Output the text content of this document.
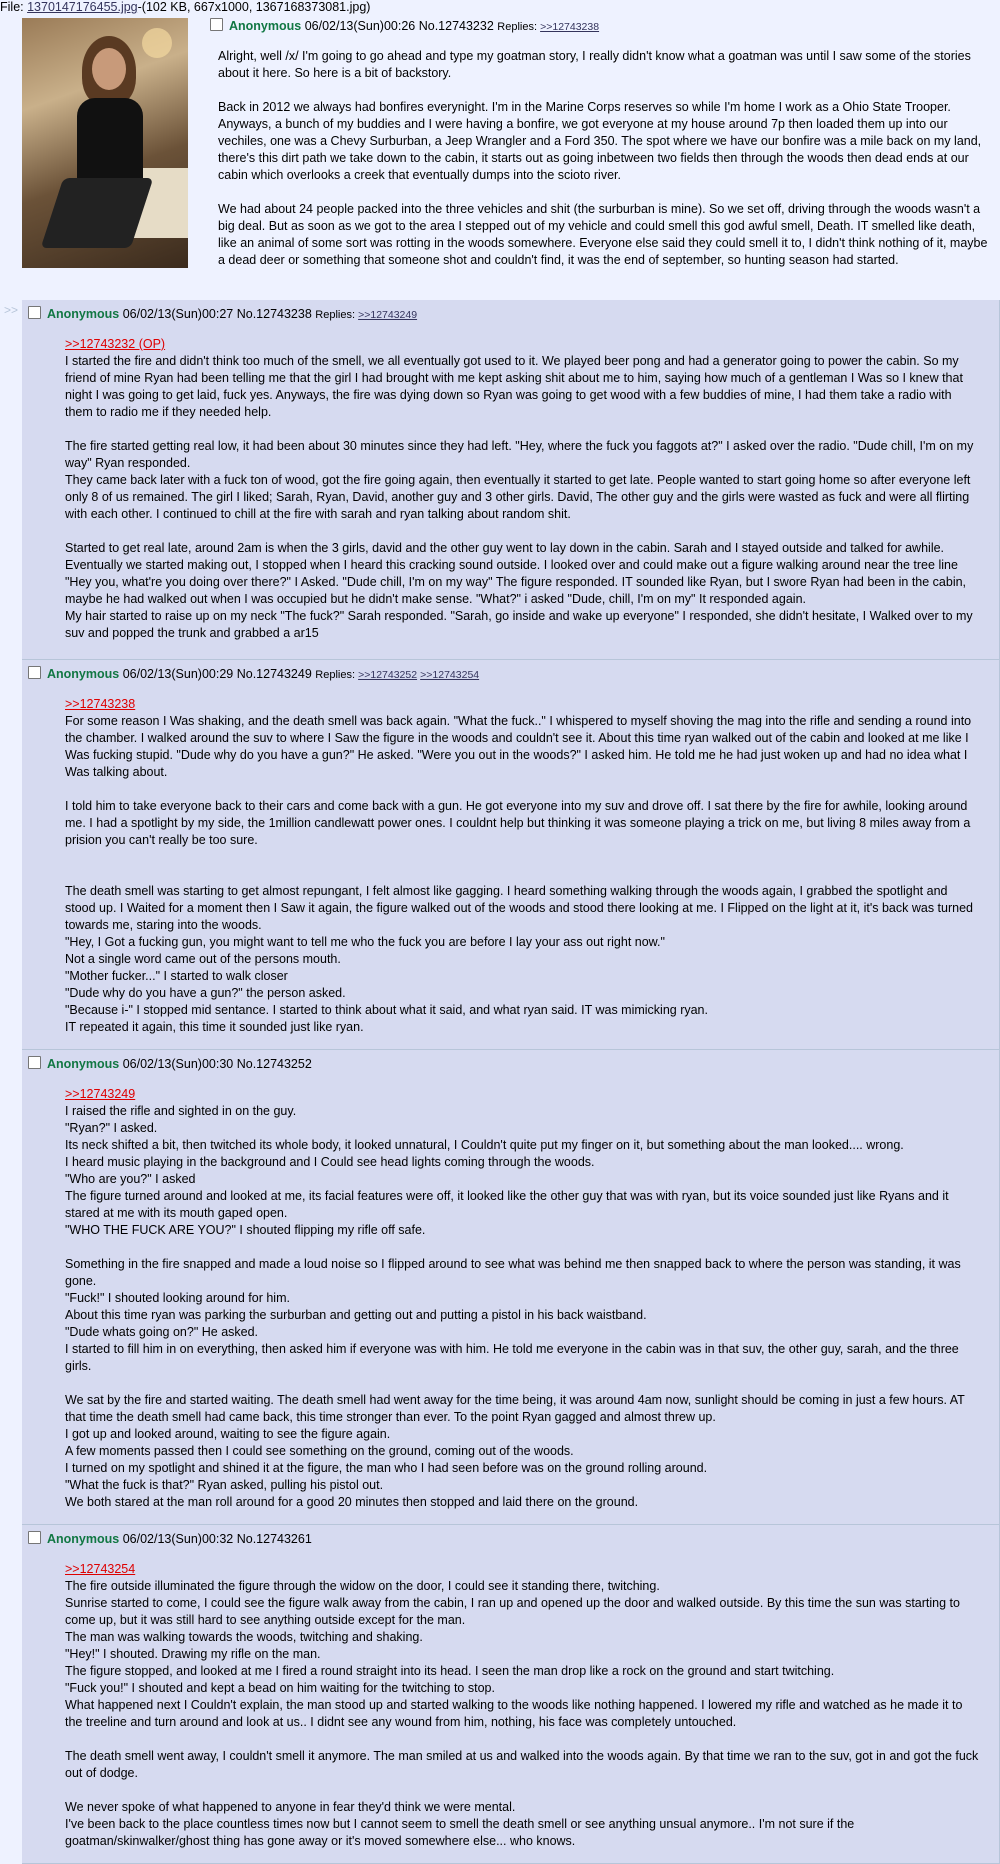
File: 1370147176455.jpg-(102 KB, 667x1000, 1367168373081.jpg)
Anonymous 06/02/13(Sun)00:26 No.12743232 Replies: >>12743238

Alright, well /x/ I'm going to go ahead and type my goatman story, I really didn't know what a goatman was until I saw some of the stories about it here. So here is a bit of backstory.

Back in 2012 we always had bonfires everynight. I'm in the Marine Corps reserves so while I'm home I work as a Ohio State Trooper. Anyways, a bunch of my buddies and I were having a bonfire, we got everyone at my house around 7p then loaded them up into our vechiles, one was a Chevy Surburban, a Jeep Wrangler and a Ford 350. The spot where we have our bonfire was a mile back on my land, there's this dirt path we take down to the cabin, it starts out as going inbetween two fields then through the woods then dead ends at our cabin which overlooks a creek that eventually dumps into the scioto river.

We had about 24 people packed into the three vehicles and shit (the surburban is mine). So we set off, driving through the woods wasn't a big deal. But as soon as we got to the area I stepped out of my vehicle and could smell this god awful smell, Death. IT smelled like death, like an animal of some sort was rotting in the woods somewhere. Everyone else said they could smell it to, I didn't think nothing of it, maybe a dead deer or something that someone shot and couldn't find, it was the end of september, so hunting season had started.

>>	Anonymous 06/02/13(Sun)00:27 No.12743238 Replies: >>12743249

>>12743232 (OP)

I started the fire and didn't think too much of the smell, we all eventually got used to it. We played beer pong and had a generator going to power the cabin. So my friend of mine Ryan had been telling me that the girl I had brought with me kept asking shit about me to him, saying how much of a gentleman I Was so I knew that night I was going to get laid, fuck yes. Anyways, the fire was dying down so Ryan was going to get wood with a few buddies of mine, I had them take a radio with them to radio me if they needed help.

The fire started getting real low, it had been about 30 minutes since they had left. "Hey, where the fuck you faggots at?" I asked over the radio. "Dude chill, I'm on my way" Ryan responded.

They came back later with a fuck ton of wood, got the fire going again, then eventually it started to get late. People wanted to start going home so after everyone left only 8 of us remained. The girl I liked; Sarah, Ryan, David, another guy and 3 other girls. David, The other guy and the girls were wasted as fuck and were all flirting with each other. I continued to chill at the fire with sarah and ryan talking about random shit.

Started to get real late, around 2am is when the 3 girls, david and the other guy went to lay down in the cabin. Sarah and I stayed outside and talked for awhile. Eventually we started making out, I stopped when I heard this cracking sound outside. I looked over and could make out a figure walking around near the tree line "Hey you, what're you doing over there?" I Asked. "Dude chill, I'm on my way" The figure responded. IT sounded like Ryan, but I swore Ryan had been in the cabin, maybe he had walked out when I was occupied but he didn't make sense. "What?" i asked "Dude, chill, I'm on my" It responded again.

My hair started to raise up on my neck "The fuck?" Sarah responded. "Sarah, go inside and wake up everyone" I responded, she didn't hesitate, I Walked over to my suv and popped the trunk and grabbed a ar15

Anonymous 06/02/13(Sun)00:29 No.12743249 Replies: >>12743252 >>12743254

>>12743238

For some reason I Was shaking, and the death smell was back again. "What the fuck.." I whispered to myself shoving the mag into the rifle and sending a round into the chamber. I walked around the suv to where I Saw the figure in the woods and couldn't see it. About this time ryan walked out of the cabin and looked at me like I Was fucking stupid. "Dude why do you have a gun?" He asked. "Were you out in the woods?" I asked him. He told me he had just woken up and had no idea what I Was talking about.

I told him to take everyone back to their cars and come back with a gun. He got everyone into my suv and drove off. I sat there by the fire for awhile, looking around me. I had a spotlight by my side, the 1million candlewatt power ones. I couldnt help but thinking it was someone playing a trick on me, but living 8 miles away from a prision you can't really be too sure.

The death smell was starting to get almost repungant, I felt almost like gagging. I heard something walking through the woods again, I grabbed the spotlight and stood up. I Waited for a moment then I Saw it again, the figure walked out of the woods and stood there looking at me. I Flipped on the light at it, it's back was turned towards me, staring into the woods.

"Hey, I Got a fucking gun, you might want to tell me who the fuck you are before I lay your ass out right now."

Not a single word came out of the persons mouth.

"Mother fucker..." I started to walk closer

"Dude why do you have a gun?" the person asked.

"Because i-" I stopped mid sentance. I started to think about what it said, and what ryan said. IT was mimicking ryan.

IT repeated it again, this time it sounded just like ryan.

Anonymous 06/02/13(Sun)00:30 No.12743252

>>12743249

I raised the rifle and sighted in on the guy.

"Ryan?" I asked.

Its neck shifted a bit, then twitched its whole body, it looked unnatural, I Couldn't quite put my finger on it, but something about the man looked.... wrong.

I heard music playing in the background and I Could see head lights coming through the woods.

"Who are you?" I asked

The figure turned around and looked at me, its facial features were off, it looked like the other guy that was with ryan, but its voice sounded just like Ryans and it stared at me with its mouth gaped open.

"WHO THE FUCK ARE YOU?" I shouted flipping my rifle off safe.

Something in the fire snapped and made a loud noise so I flipped around to see what was behind me then snapped back to where the person was standing, it was gone.

"Fuck!" I shouted looking around for him.

About this time ryan was parking the surburban and getting out and putting a pistol in his back waistband.

"Dude whats going on?" He asked.

I started to fill him in on everything, then asked him if everyone was with him. He told me everyone in the cabin was in that suv, the other guy, sarah, and the three girls.

We sat by the fire and started waiting. The death smell had went away for the time being, it was around 4am now, sunlight should be coming in just a few hours. AT that time the death smell had came back, this time stronger than ever. To the point Ryan gagged and almost threw up.

I got up and looked around, waiting to see the figure again.

A few moments passed then I could see something on the ground, coming out of the woods.

I turned on my spotlight and shined it at the figure, the man who I had seen before was on the ground rolling around.

"What the fuck is that?" Ryan asked, pulling his pistol out.

We both stared at the man roll around for a good 20 minutes then stopped and laid there on the ground.

Anonymous 06/02/13(Sun)00:32 No.12743261

>>12743254

The fire outside illuminated the figure through the widow on the door, I could see it standing there, twitching.

Sunrise started to come, I could see the figure walk away from the cabin, I ran up and opened up the door and walked outside. By this time the sun was starting to come up, but it was still hard to see anything outside except for the man.

The man was walking towards the woods, twitching and shaking.

"Hey!" I shouted. Drawing my rifle on the man.

The figure stopped, and looked at me I fired a round straight into its head. I seen the man drop like a rock on the ground and start twitching.

"Fuck you!" I shouted and kept a bead on him waiting for the twitching to stop.

What happened next I Couldn't explain, the man stood up and started walking to the woods like nothing happened. I lowered my rifle and watched as he made it to the treeline and turn around and look at us.. I didnt see any wound from him, nothing, his face was completely untouched.

The death smell went away, I couldn't smell it anymore. The man smiled at us and walked into the woods again. By that time we ran to the suv, got in and got the fuck out of dodge.

We never spoke of what happened to anyone in fear they'd think we were mental.

I've been back to the place countless times now but I cannot seem to smell the death smell or see anything unsual anymore.. I'm not sure if the goatman/skinwalker/ghost thing has gone away or it's moved somewhere else... who knows.
